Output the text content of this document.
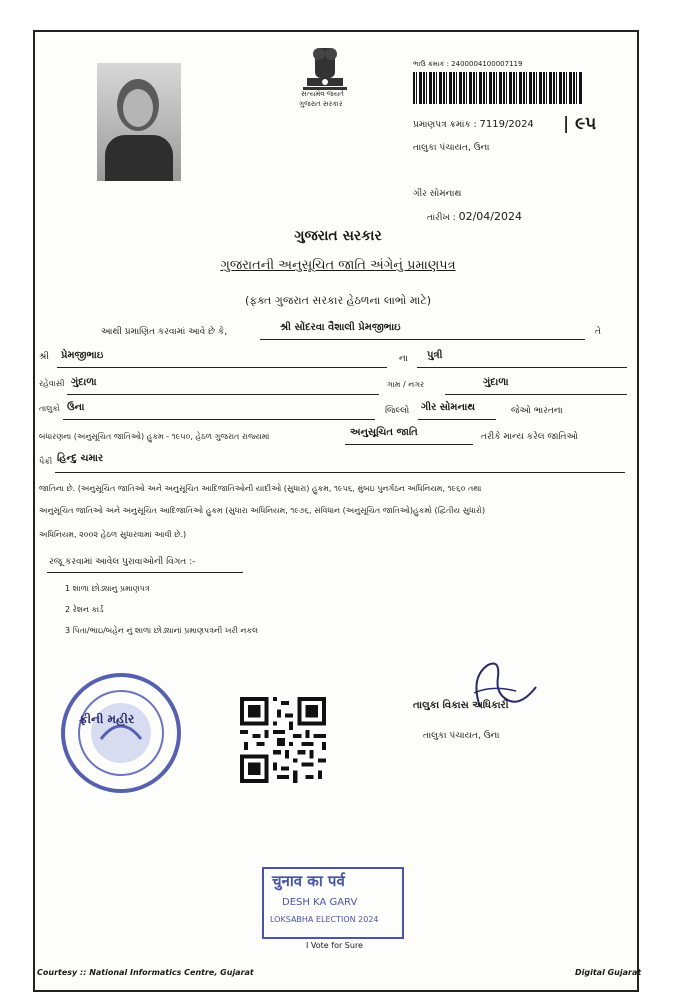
સત્યમેવ જયતે
ગુજરાત સરકાર
ભાઉ ક્રમાંક : 2400004100007119
પ્રમાણપત્ર ક્રમાંક : 7119/2024 | ૯૫
તાલુકા પંચાયત, ઉના
ગીર સોમનાથ
તારીખ : 02/04/2024
ગુજરાત સરકાર
ગુજરાતની અનુસૂચિત જાતિ અંગેનું પ્રમાણપત્ર
(ફક્ત ગુજરાત સરકાર હેઠળના લાભો માટે)
આથી પ્રમાણિત કરવામાં આવે છે કે,	શ્રી સોંદરવા વૈશાલી પ્રેમજીભાઇ	તે
શ્રી પ્રેમજીભાઇ	ના પુત્રી
રહેવાસી ગુંદાળા	ગામ / નગર	ગુંદાળા
તાલુકો ઉના	જિલ્લો ગીર સોમનાથ	જેઓ ભારતના
બંધારણના (અનુસૂચિત જાતિઓ) હુકમ - ૧૯૫૦, હેઠળ ગુજરાત રાજ્યમાં	અનુસૂચિત જાતિ	તરીકે માન્ય કરેલ જાતિઓ
પૈકી હિન્દુ ચમાર
જાતિના છે. (અનુસૂચિત જાતિઓ અને અનુસૂચિત આદિજાતિઓની યાદીઓ (સુધારા) હુકમ, ૧૯૫૬, મુંબઇ પુનર્ગઠન અધિનિયમ, ૧૯૬૦ તથા
અનુસૂચિત જાતિઓ અને અનુસૂચિત આદિજાતિઓ હુકમ (સુધારા અધિનિયમ, ૧૯૭૬, સંવિધાન (અનુસૂચિત જાતિઓ)હુકમો (દ્વિતીય સુધારો)
અધિનિયમ, ૨૦૦૨ હેઠળ સુધારવામાં આવી છે.)
રજૂ કરવામાં આવેલ પુરાવાઓની વિગત :-
1 શાળા છોડ્યાનુ પ્રમાણપત્ર
2 રેશન કાર્ડ
3 પિતા/ભાઇ/બહેન નું શાળા છોડ્યાનાં પ્રમાણપત્રની ખરી નકલ
ફ્રીની મહીર
તાલુકા વિકાસ અધિકારી
તાલુકા પંચાયત, ઉના
चुनाव का पर्व
DESH KA GARV
LOKSABHA ELECTION 2024
I Vote for Sure
Courtesy :: National Informatics Centre, Gujarat	Digital Gujarat
